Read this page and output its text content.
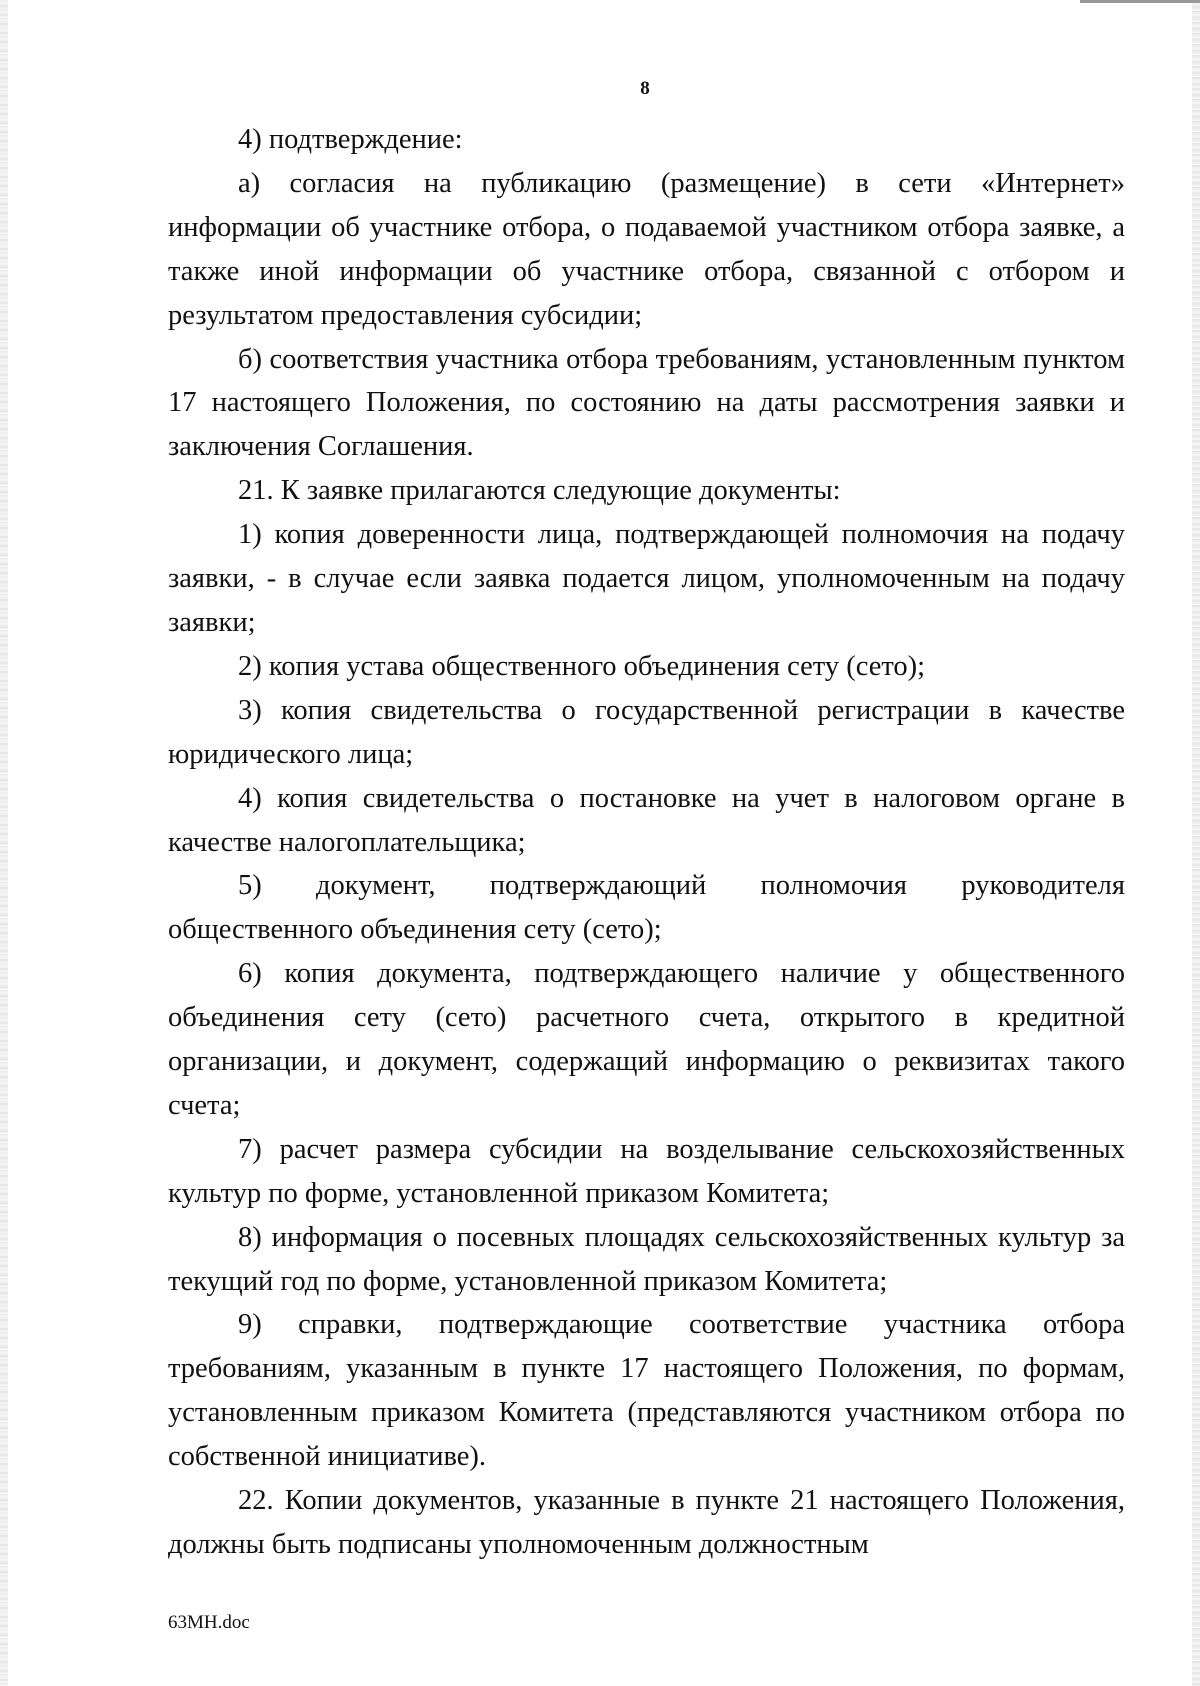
8

4) подтверждение:

а) согласия на публикацию (размещение) в сети «Интернет» информации об участнике отбора, о подаваемой участником отбора заявке, а также иной информации об участнике отбора, связанной с отбором и результатом предоставления субсидии;

б) соответствия участника отбора требованиям, установленным пунктом 17 настоящего Положения, по состоянию на даты рассмотрения заявки и заключения Соглашения.

21. К заявке прилагаются следующие документы:

1) копия доверенности лица, подтверждающей полномочия на подачу заявки, - в случае если заявка подается лицом, уполномоченным на подачу заявки;

2) копия устава общественного объединения сету (сето);

3) копия свидетельства о государственной регистрации в качестве юридического лица;

4) копия свидетельства о постановке на учет в налоговом органе в качестве налогоплательщика;

5) документ, подтверждающий полномочия руководителя общественного объединения сету (сето);

6) копия документа, подтверждающего наличие у общественного объединения сету (сето) расчетного счета, открытого в кредитной организации, и документ, содержащий информацию о реквизитах такого счета;

7) расчет размера субсидии на возделывание сельскохозяйственных культур по форме, установленной приказом Комитета;

8) информация о посевных площадях сельскохозяйственных культур за текущий год по форме, установленной приказом Комитета;

9) справки, подтверждающие соответствие участника отбора требованиям, указанным в пункте 17 настоящего Положения, по формам, установленным приказом Комитета (представляются участником отбора по собственной инициативе).

22. Копии документов, указанные в пункте 21 настоящего Положения, должны быть подписаны уполномоченным должностным

63МН.doc
